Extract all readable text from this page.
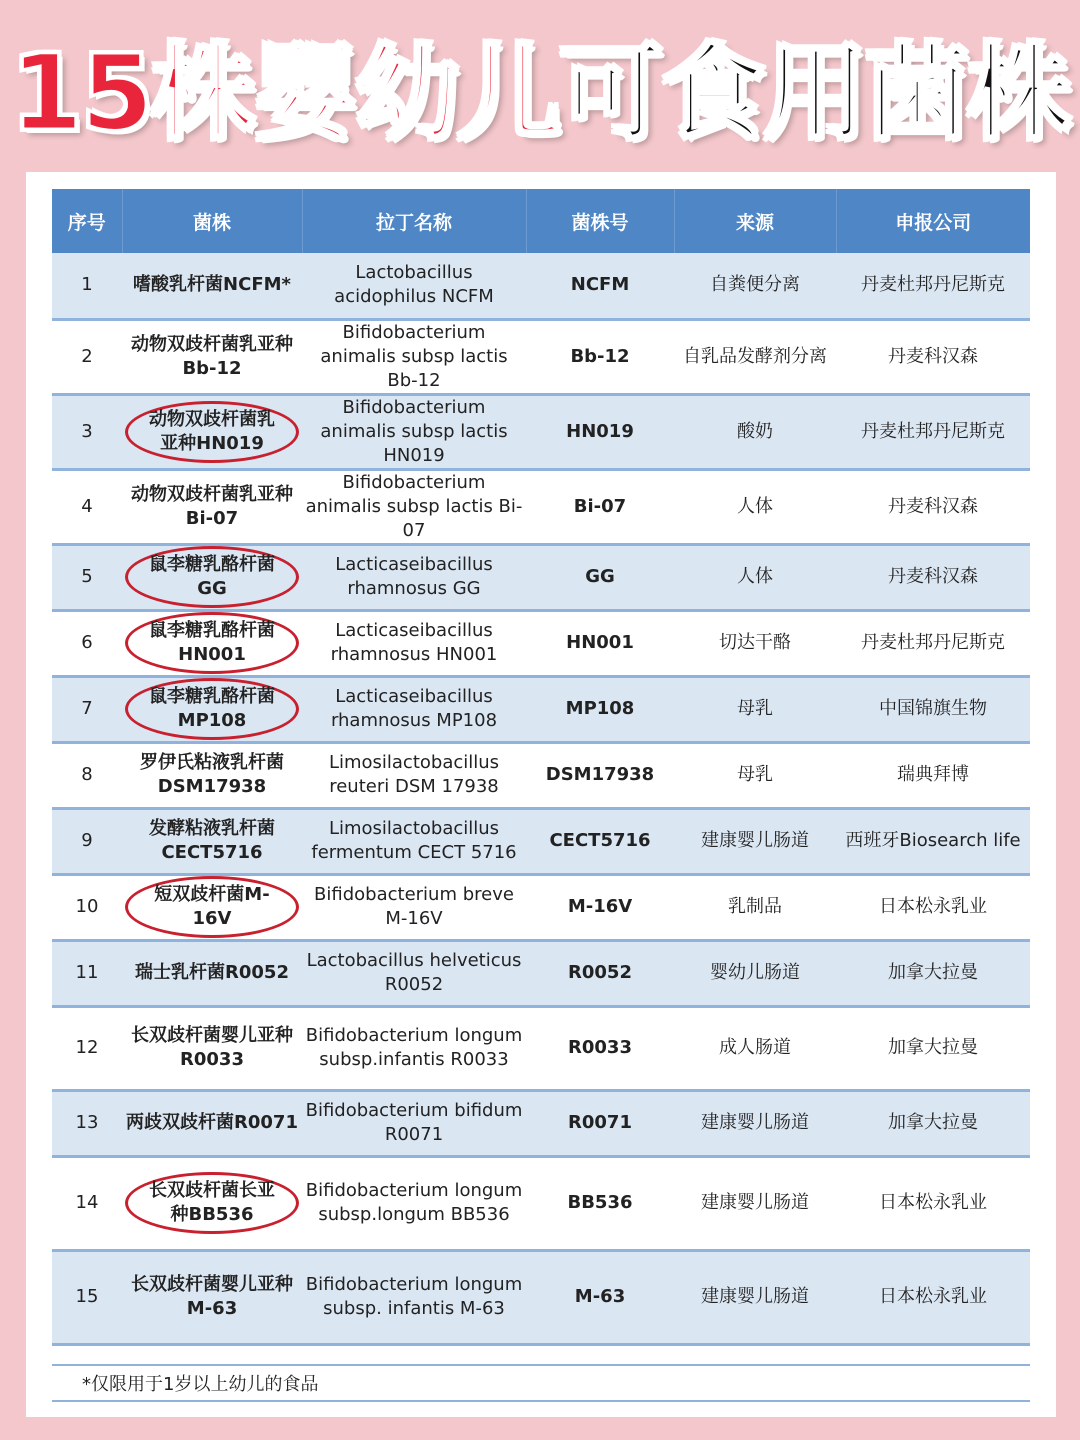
15株婴幼儿可食用菌株
序号	菌株	拉丁名称	菌株号	来源	申报公司
1	嗜酸乳杆菌NCFM*	Lactobacillus acidophilus NCFM	NCFM	自粪便分离	丹麦杜邦丹尼斯克
2	动物双歧杆菌乳亚种 Bb-12	Bifidobacterium animalis subsp lactis Bb-12	Bb-12	自乳品发酵剂分离	丹麦科汉森
3	动物双歧杆菌乳亚种HN019	Bifidobacterium animalis subsp lactis HN019	HN019	酸奶	丹麦杜邦丹尼斯克
4	动物双歧杆菌乳亚种Bi-07	Bifidobacterium animalis subsp lactis Bi-07	Bi-07	人体	丹麦科汉森
5	鼠李糖乳酪杆菌GG	Lacticaseibacillus rhamnosus GG	GG	人体	丹麦科汉森
6	鼠李糖乳酪杆菌HN001	Lacticaseibacillus rhamnosus HN001	HN001	切达干酪	丹麦杜邦丹尼斯克
7	鼠李糖乳酪杆菌MP108	Lacticaseibacillus rhamnosus MP108	MP108	母乳	中国锦旗生物
8	罗伊氏粘液乳杆菌DSM17938	Limosilactobacillus reuteri DSM 17938	DSM17938	母乳	瑞典拜博
9	发酵粘液乳杆菌CECT5716	Limosilactobacillus fermentum CECT 5716	CECT5716	建康婴儿肠道	西班牙Biosearch life
10	短双歧杆菌M-16V	Bifidobacterium breve M-16V	M-16V	乳制品	日本松永乳业
11	瑞士乳杆菌R0052	Lactobacillus helveticus R0052	R0052	婴幼儿肠道	加拿大拉曼
12	长双歧杆菌婴儿亚种 R0033	Bifidobacterium longum subsp.infantis R0033	R0033	成人肠道	加拿大拉曼
13	两歧双歧杆菌R0071	Bifidobacterium bifidum R0071	R0071	建康婴儿肠道	加拿大拉曼
14	长双歧杆菌长亚种BB536	Bifidobacterium longum subsp.longum BB536	BB536	建康婴儿肠道	日本松永乳业
15	长双歧杆菌婴儿亚种M-63	Bifidobacterium longum subsp. infantis M-63	M-63	建康婴儿肠道	日本松永乳业
*仅限用于1岁以上幼儿的食品
